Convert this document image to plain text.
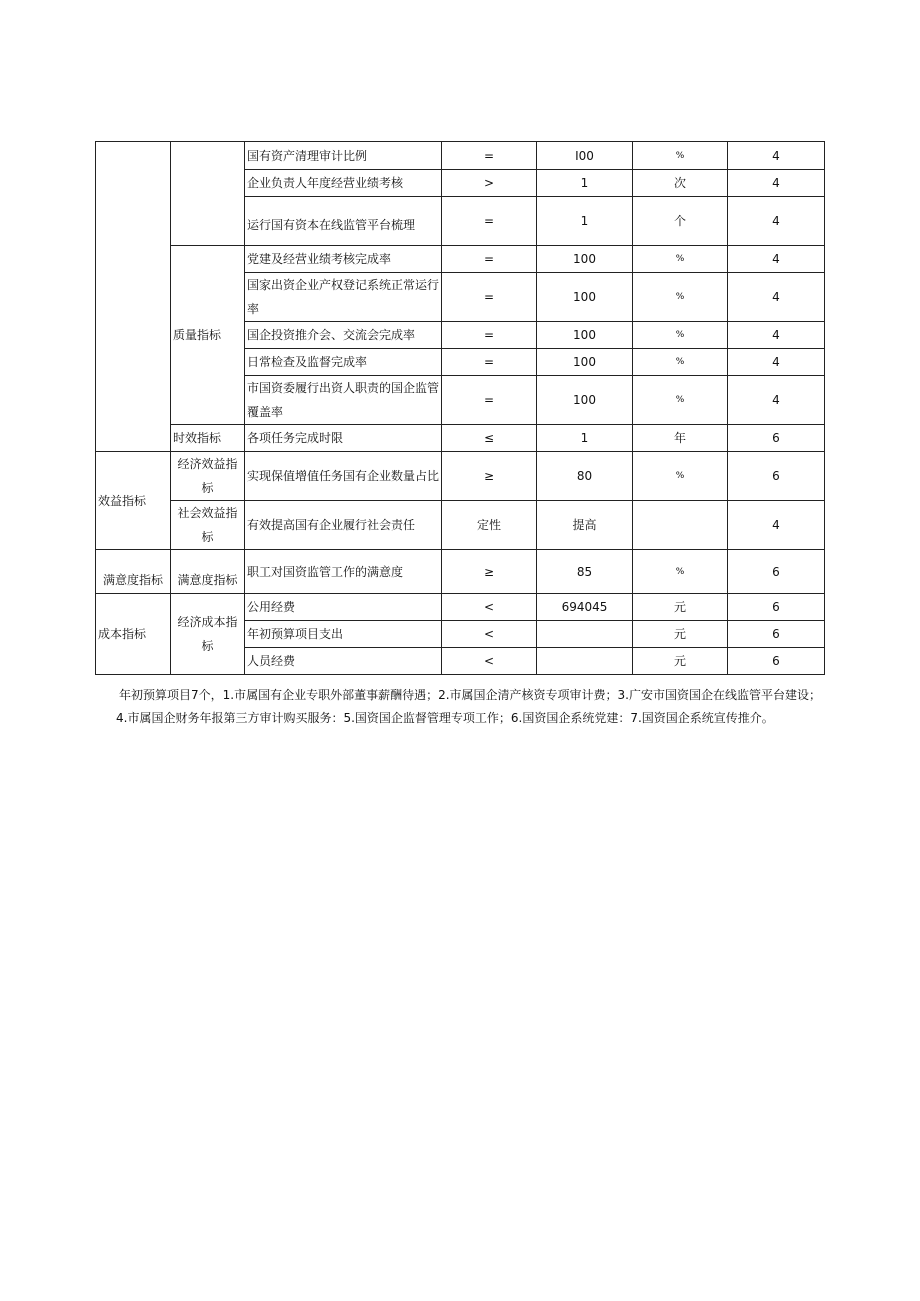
		国有资产清理审计比例	=	I00	%	4
		企业负责人年度经营业绩考核	>	1	次	4
		运行国有资本在线监管平台梳理	=	1	个	4
	质量指标	党建及经营业绩考核完成率	=	100	%	4
		国家出资企业产权登记系统正常运行率	=	100	%	4
		国企投资推介会、交流会完成率	=	100	%	4
		日常检查及监督完成率	=	100	%	4
		市国资委履行出资人职责的国企监管覆盖率	=	100	%	4
	时效指标	各项任务完成时限	≤	1	年	6
效益指标	经济效益指标	实现保值增值任务国有企业数量占比	≥	80	%	6
	社会效益指标	有效提高国有企业履行社会责任	定性	提高		4
满意度指标	满意度指标	职工对国资监管工作的满意度	≥	85	%	6
成本指标	经济成本指标	公用经费	<	694045	元	6
		年初预算项目支出	<		元	6
		人员经费	<		元	6
年初预算项目7个，1.市属国有企业专职外部董事薪酬待遇；2.市属国企清产核资专项审计费；3.广安市国资国企在线监管平台建设；
4.市属国企财务年报第三方审计购买服务：5.国资国企监督管理专项工作；6.国资国企系统党建：7.国资国企系统宣传推介。
